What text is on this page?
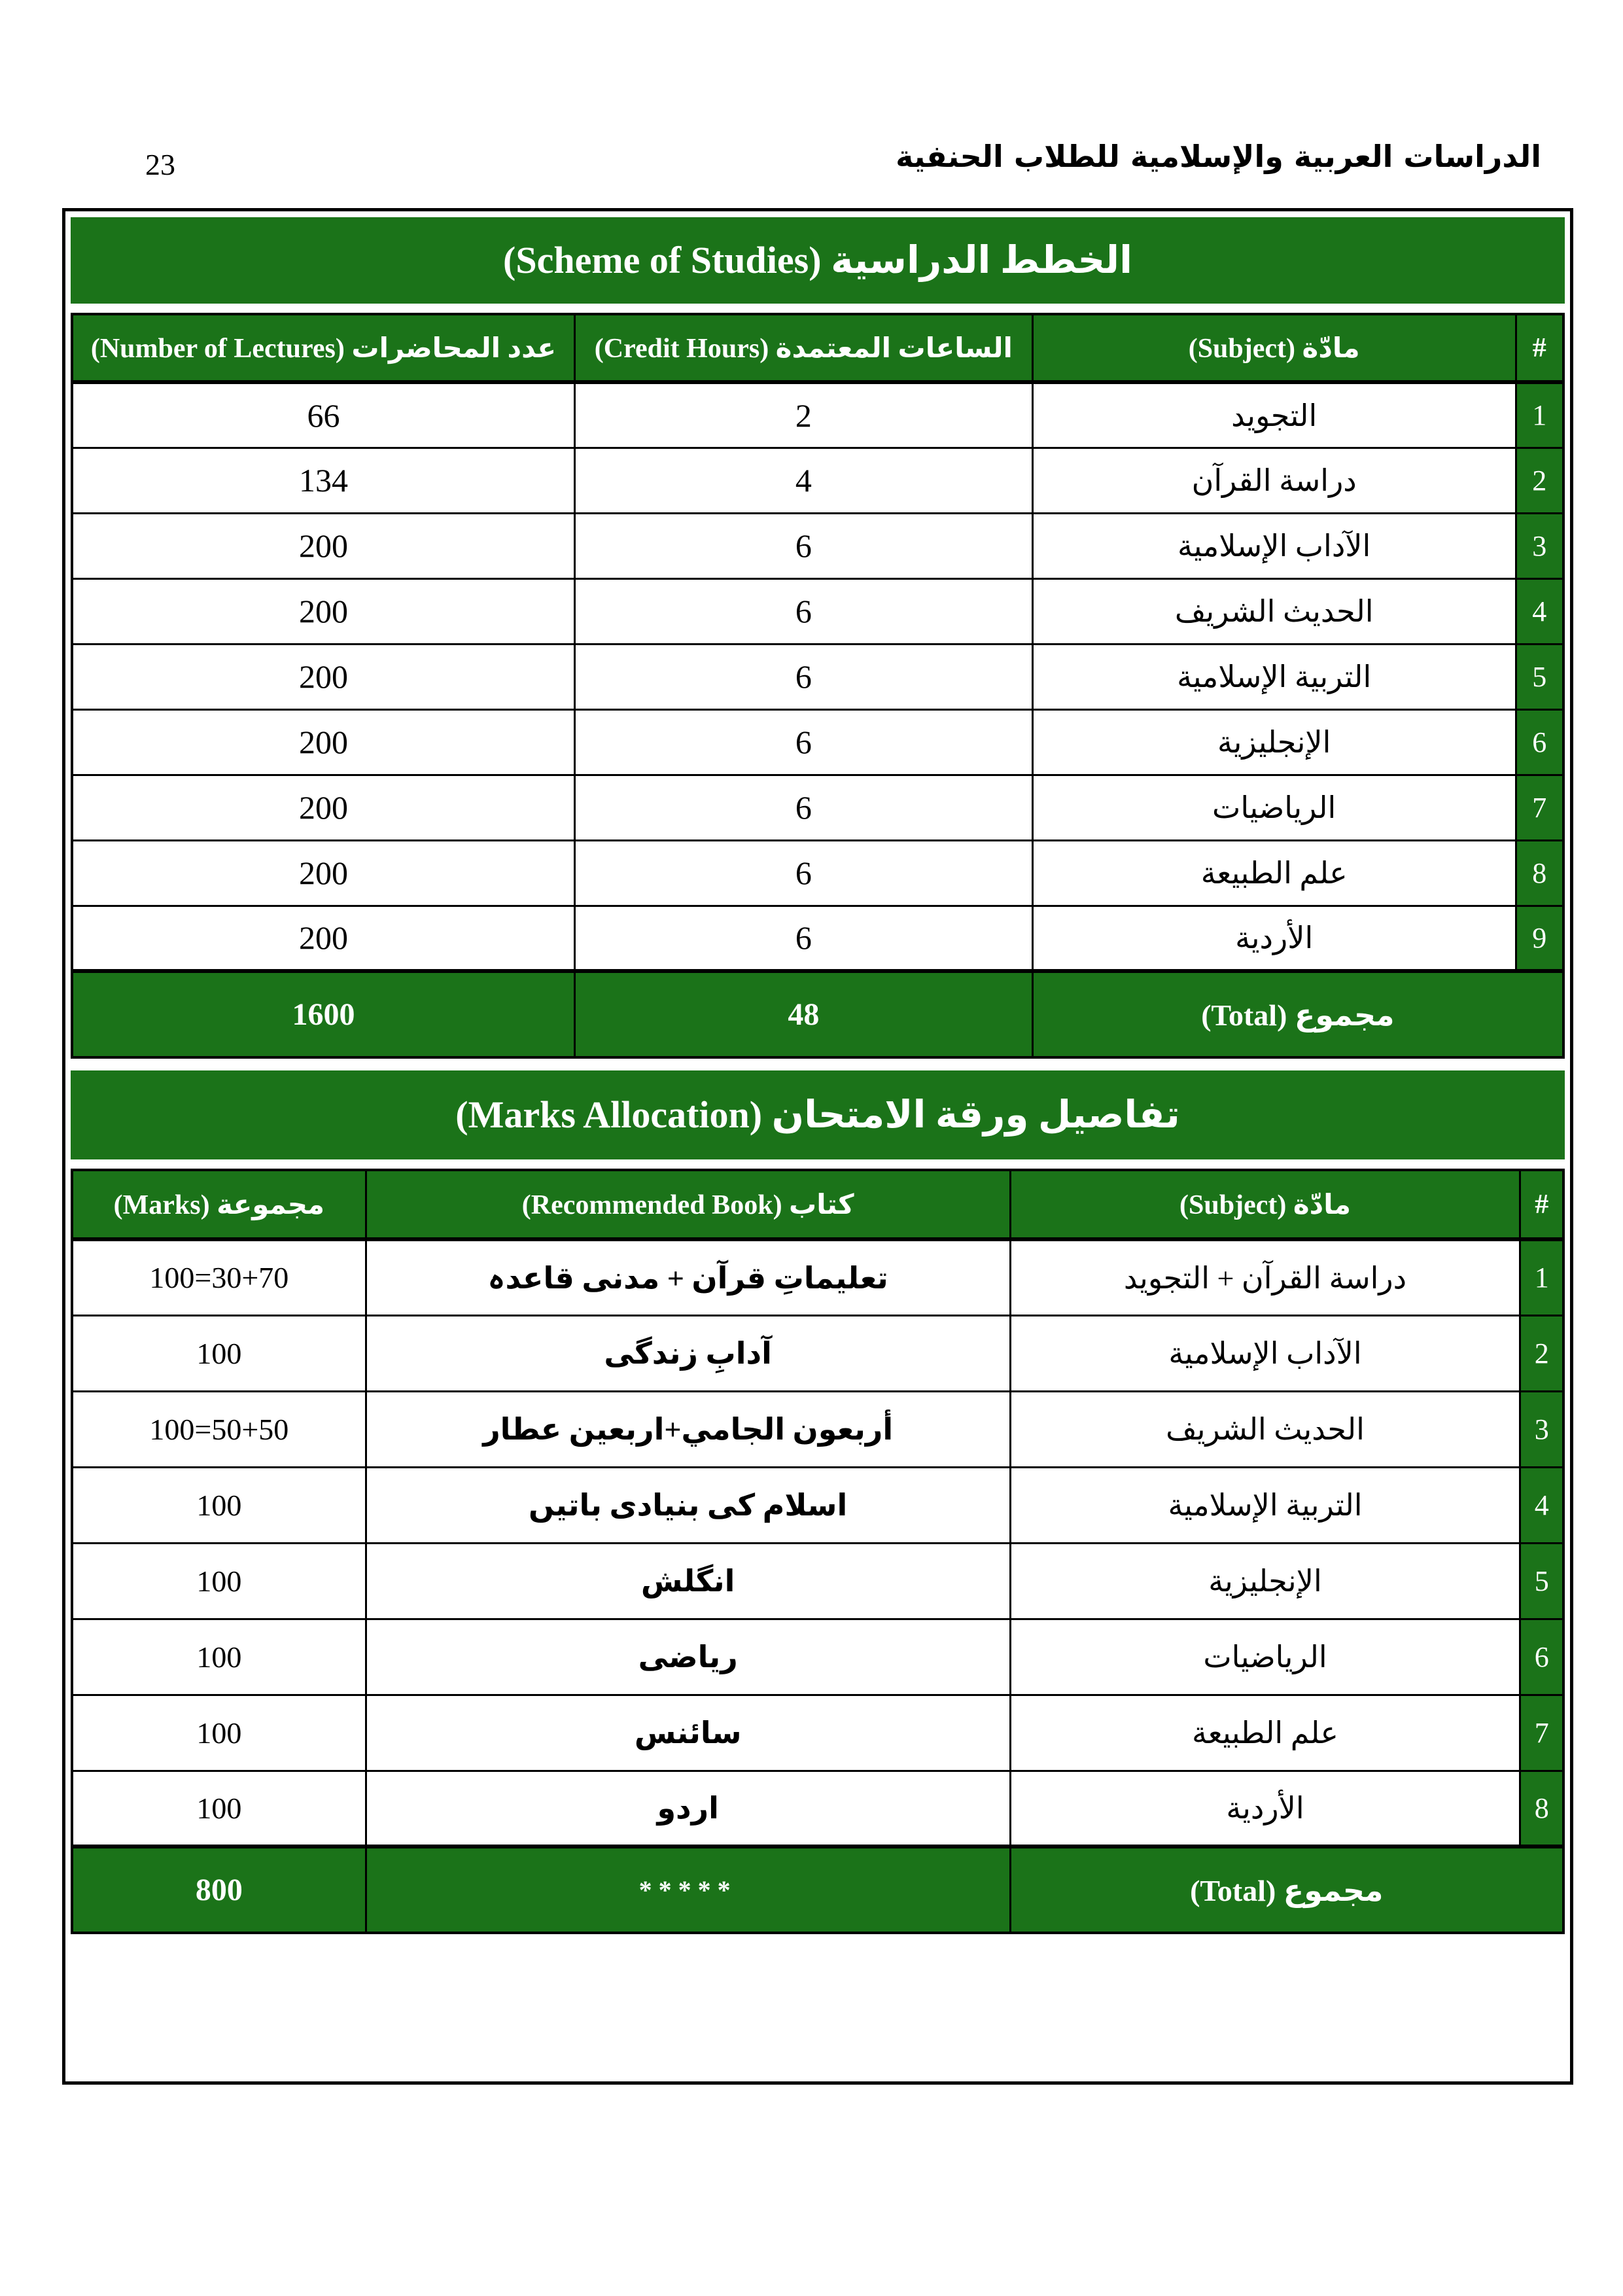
23	الدراسات العربية والإسلامية للطلاب الحنفية
الخطط الدراسية (Scheme of Studies)
#	مادّة (Subject)	الساعات المعتمدة (Credit Hours)	عدد المحاضرات (Number of Lectures)
1	التجويد	2	66
2	دراسة القرآن	4	134
3	الآداب الإسلامية	6	200
4	الحديث الشريف	6	200
5	التربية الإسلامية	6	200
6	الإنجليزية	6	200
7	الرياضيات	6	200
8	علم الطبيعة	6	200
9	الأردية	6	200
مجموع (Total)		48	1600
تفاصيل ورقة الامتحان (Marks Allocation)
#	مادّة (Subject)	كتاب (Recommended Book)	مجموعة (Marks)
1	دراسة القرآن + التجويد	تعلیماتِ قرآن + مدنی قاعدہ	100=30+70
2	الآداب الإسلامية	آدابِ زندگی	100
3	الحديث الشريف	أربعون الجامي+اربعین عطار	100=50+50
4	التربية الإسلامية	اسلام کی بنیادی باتیں	100
5	الإنجليزية	انگلش	100
6	الرياضيات	ریاضی	100
7	علم الطبيعة	سائنس	100
8	الأردية	اردو	100
مجموع (Total)		*****	800
